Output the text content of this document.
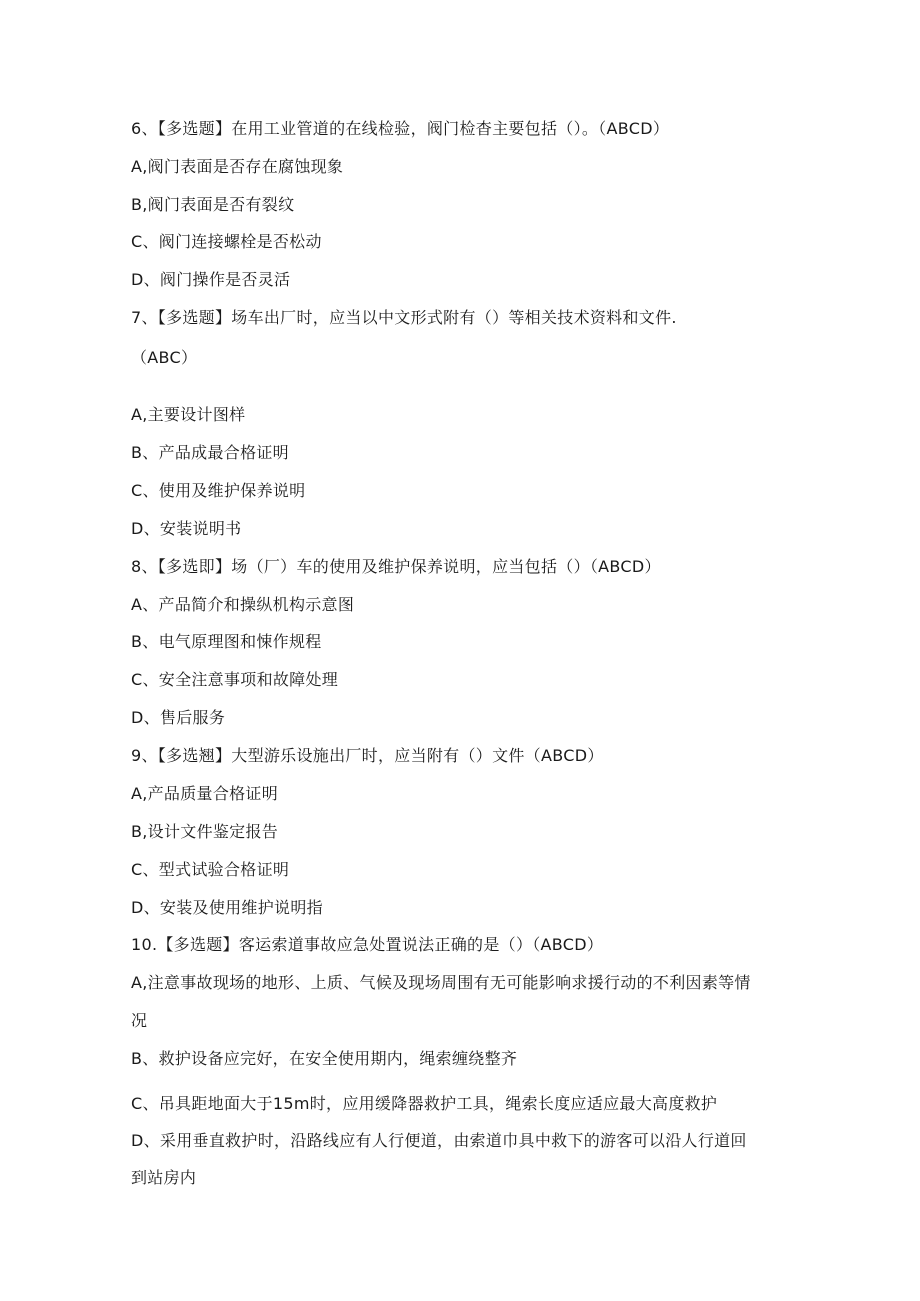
6、【多选题】在用工业管道的在线检验，阀门检杳主要包括（）。（ABCD）
A,阀门表面是否存在腐蚀现象
B,阀门表面是否有裂纹
C、阀门连接螺栓是否松动
D、阀门操作是否灵活
7、【多选题】场车出厂时，应当以中文形式附有（）等相关技术资料和文件.
（ABC）
A,主要设计图样
B、产品成最合格证明
C、使用及维护保养说明
D、安装说明书
8、【多选即】场（厂）车的使用及维护保养说明，应当包括（）（ABCD）
A、产品简介和操纵机构示意图
B、电气原理图和悚作规程
C、安全注意事项和故障处理
D、售后服务
9、【多选翘】大型游乐设施出厂时，应当附有（）文件（ABCD）
A,产品质量合格证明
B,设计文件鉴定报告
C、型式试验合格证明
D、安装及使用维护说明指
10.【多选题】客运索道事故应急处置说法正确的是（）（ABCD）
A,注意事故现场的地形、上质、气候及现场周围有无可能影响求援行动的不利因素等情
况
B、救护设备应完好，在安全使用期内，绳索缠绕整齐
C、吊具距地面大于15m时，应用缓降器救护工具，绳索长度应适应最大高度救护
D、采用垂直救护时，沿路线应有人行便道，由索道巾具中救下的游客可以沿人行道回
到站房内
